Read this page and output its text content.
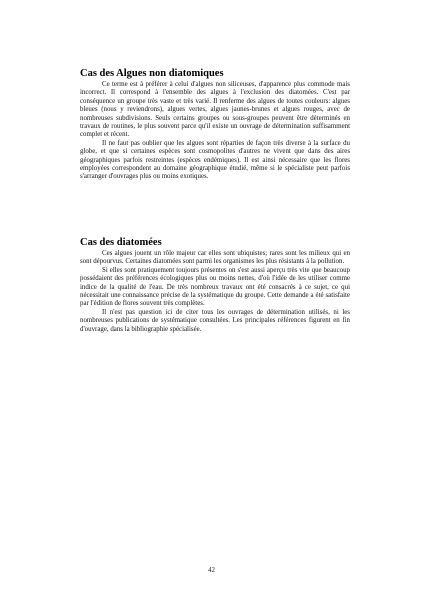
Cas des Algues non diatomiques

Ce terme est à préférer à celui d'algues non siliceuses, d'apparence plus commode mais incorrect. Il correspond à l'ensemble des algues à l'exclusion des diatomées. C'est par conséquence un groupe très vaste et très varié. Il renferme des algues de toutes couleurs: algues bleues (nous y reviendrons), algues vertes, algues jaunes-brunes et algues rouges, avec de nombreuses subdivisions. Seuls certains groupes ou sous-groupes peuvent être déterminés en travaux de routines, le plus souvent parce qu'il existe un ouvrage de détermination suffisamment complet et récent.

Il ne faut pas oublier que les algues sont réparties de façon très diverse à la surface du globe, et que si certaines espèces sont cosmopolites d'autres ne vivent que dans des aires géographiques parfois restreintes (espèces endémiques). Il est ainsi nécessaire que les flores employées correspondent au domaine géographique étudié, même si le spécialiste peut parfois s'arranger d'ouvrages plus ou moins exotiques.

Cas des diatomées

Ces algues jouent un rôle majeur car elles sont ubiquistes; rares sont les milieux qui en sont dépourvus. Certaines diatomées sont parmi les organismes les plus résistants à la pollution.

Si elles sont pratiquement toujours présentes on s'est aussi aperçu très vite que beaucoup possédaient des préférences écologiques plus ou moins nettes, d'où l'idée de les utiliser comme indice de la qualité de l'eau. De très nombreux travaux ont été consacrés à ce sujet, ce qui nécessitait une connaissance précise de la systématique du groupe. Cette demande a été satisfaite par l'édition de flores souvent très complètes.

Il n'est pas question ici de citer tous les ouvrages de détermination utilisés, ni les nombreuses publications de systématique consultées. Les principales références figurent en fin d'ouvrage, dans la bibliographie spécialisée.

42
